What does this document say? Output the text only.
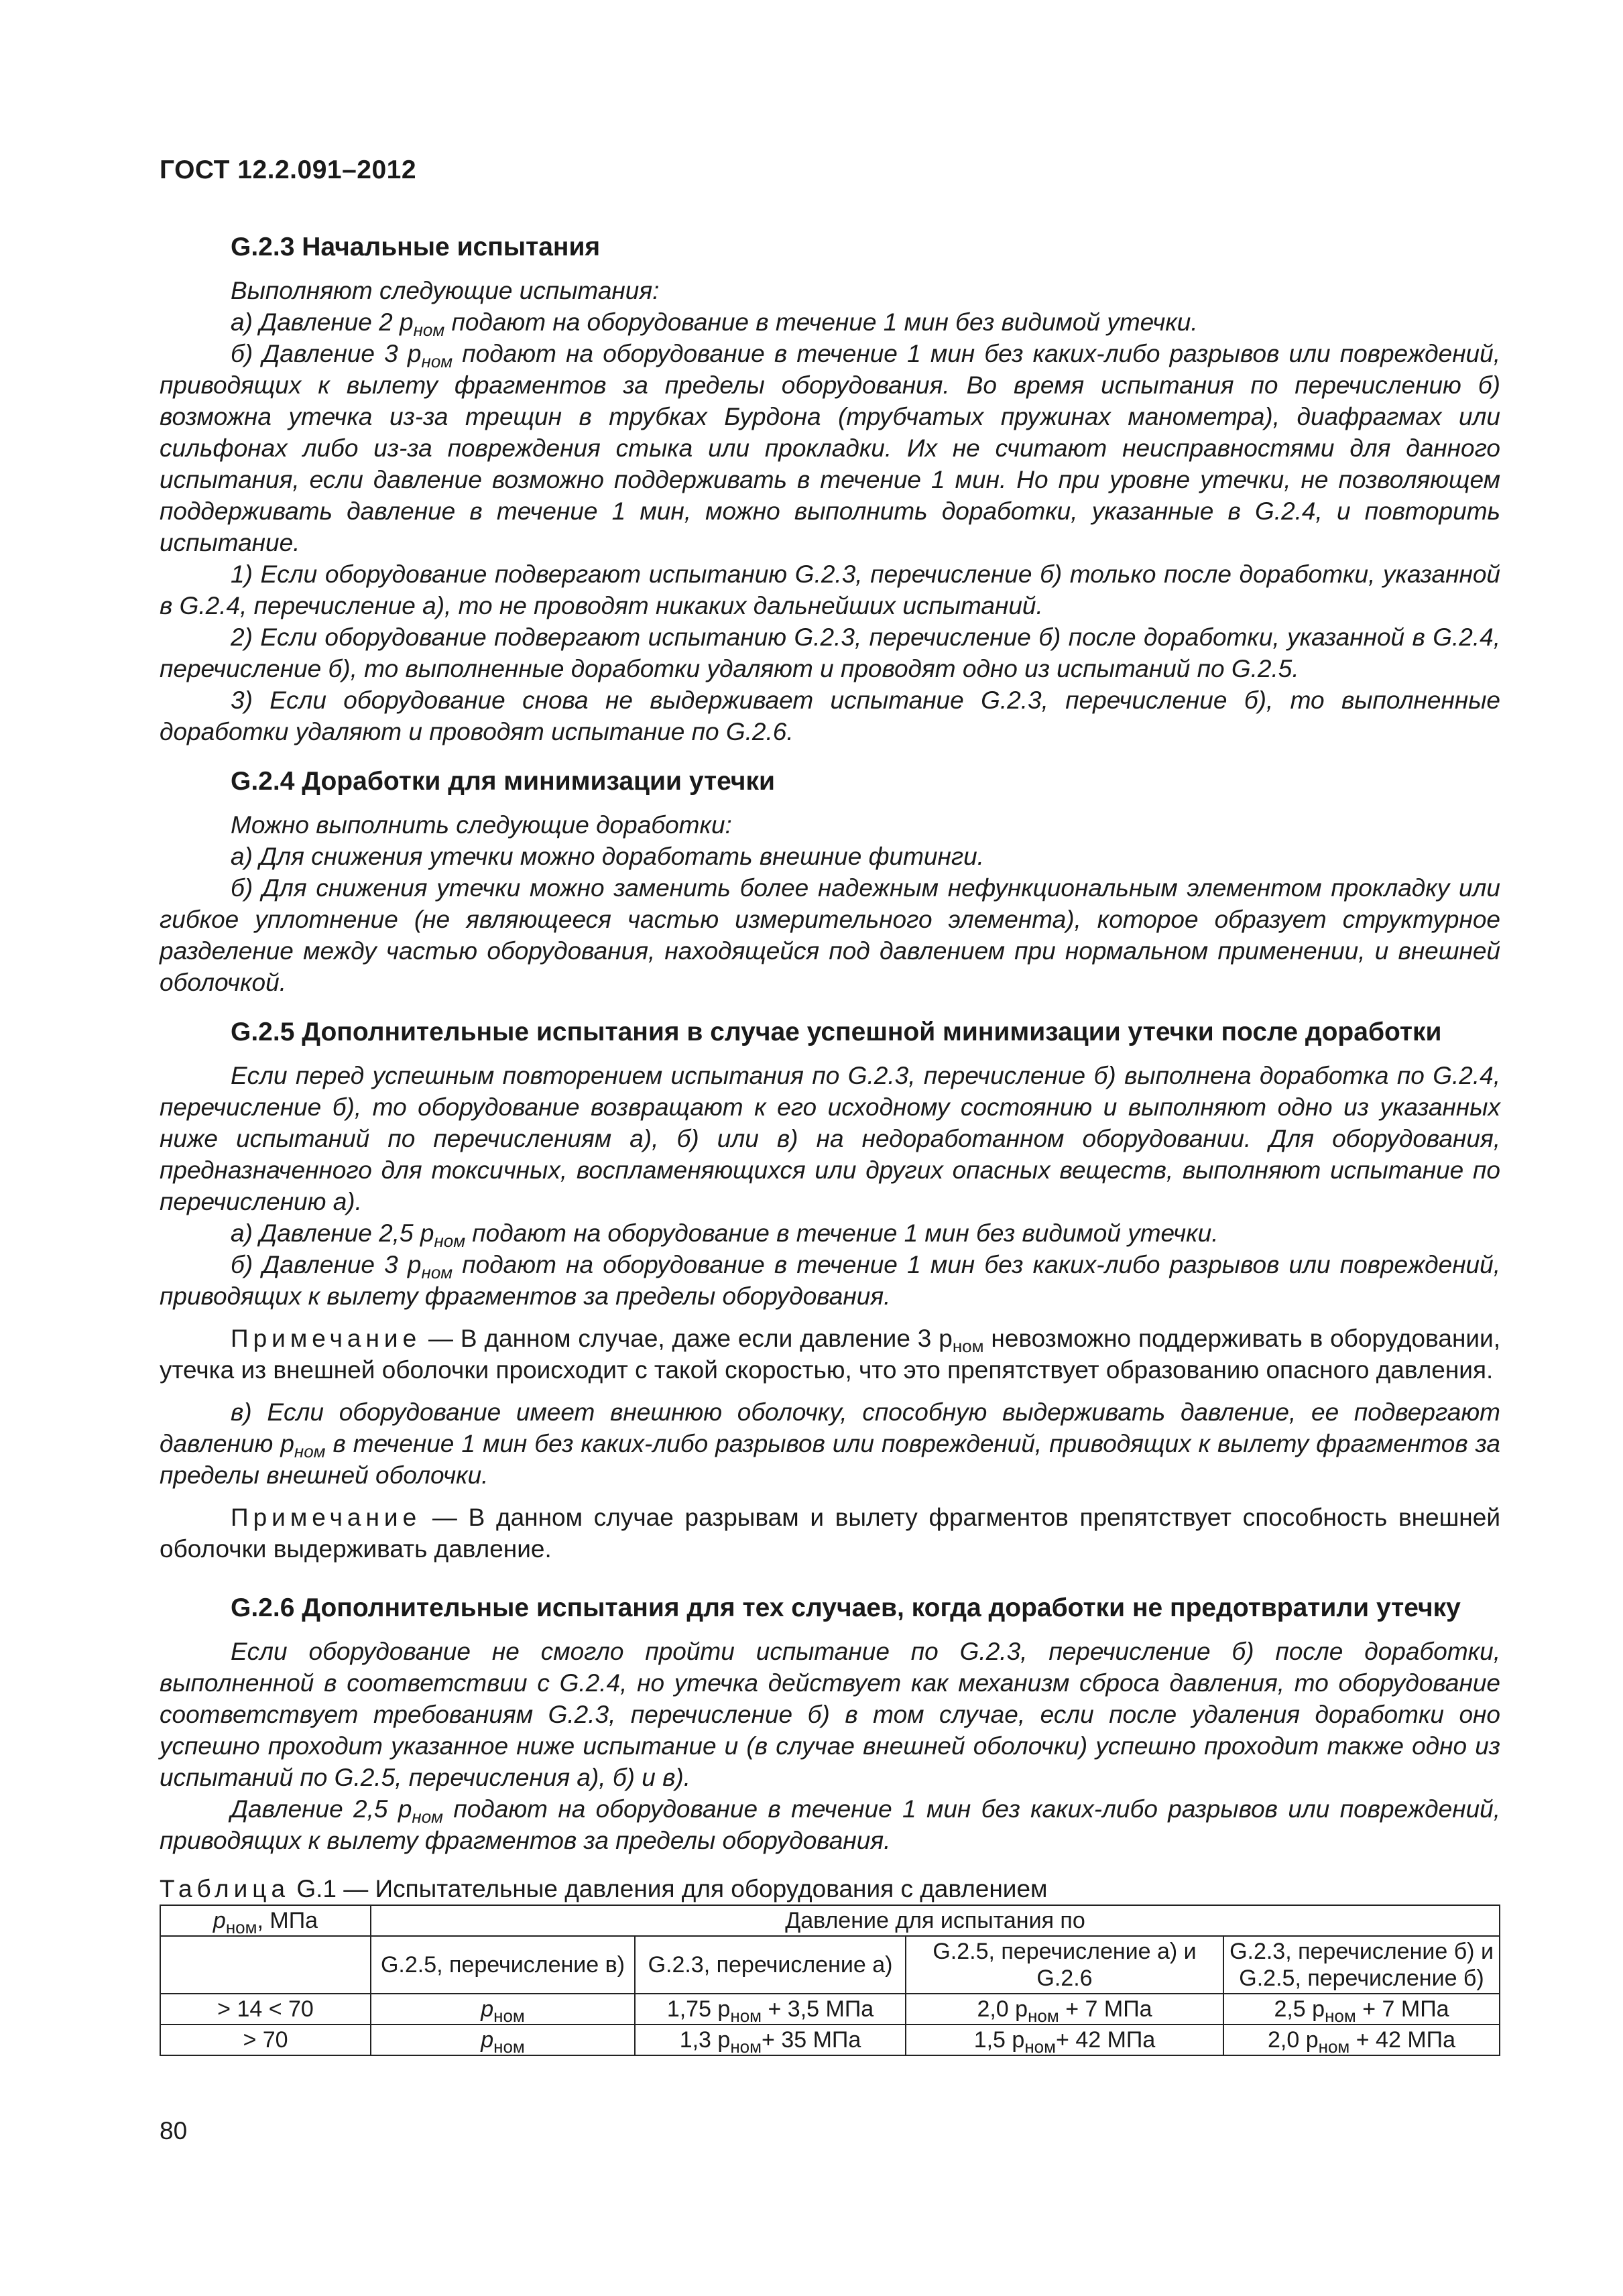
ГОСТ 12.2.091–2012

G.2.3 Начальные испытания

Выполняют следующие испытания:

а) Давление 2 $p_{ном}$ подают на оборудование в течение 1 мин без видимой утечки.

б) Давление 3 $p_{ном}$ подают на оборудование в течение 1 мин без каких-либо разрывов или повреждений, приводящих к вылету фрагментов за пределы оборудования. Во время испытания по перечислению б) возможна утечка из-за трещин в трубках Бурдона (трубчатых пружинах манометра), диафрагмах или сильфонах либо из-за повреждения стыка или прокладки. Их не считают неисправностями для данного испытания, если давление возможно поддерживать в течение 1 мин. Но при уровне утечки, не позволяющем поддерживать давление в течение 1 мин, можно выполнить доработки, указанные в G.2.4, и повторить испытание.

1) Если оборудование подвергают испытанию G.2.3, перечисление б) только после доработки, указанной в G.2.4, перечисление а), то не проводят никаких дальнейших испытаний.

2) Если оборудование подвергают испытанию G.2.3, перечисление б) после доработки, указанной в G.2.4, перечисление б), то выполненные доработки удаляют и проводят одно из испытаний по G.2.5.

3) Если оборудование снова не выдерживает испытание G.2.3, перечисление б), то выполненные доработки удаляют и проводят испытание по G.2.6.

G.2.4 Доработки для минимизации утечки

Можно выполнить следующие доработки:

а) Для снижения утечки можно доработать внешние фитинги.

б) Для снижения утечки можно заменить более надежным нефункциональным элементом прокладку или гибкое уплотнение (не являющееся частью измерительного элемента), которое образует структурное разделение между частью оборудования, находящейся под давлением при нормальном применении, и внешней оболочкой.

G.2.5 Дополнительные испытания в случае успешной минимизации утечки после доработки

Если перед успешным повторением испытания по G.2.3, перечисление б) выполнена доработка по G.2.4, перечисление б), то оборудование возвращают к его исходному состоянию и выполняют одно из указанных ниже испытаний по перечислениям а), б) или в) на недоработанном оборудовании. Для оборудования, предназначенного для токсичных, воспламеняющихся или других опасных веществ, выполняют испытание по перечислению а).

а) Давление 2,5 $p_{ном}$ подают на оборудование в течение 1 мин без видимой утечки.

б) Давление 3 $p_{ном}$ подают на оборудование в течение 1 мин без каких-либо разрывов или повреждений, приводящих к вылету фрагментов за пределы оборудования.

Примечание — В данном случае, даже если давление 3 $p_{ном}$ невозможно поддерживать в оборудовании, утечка из внешней оболочки происходит с такой скоростью, что это препятствует образованию опасного давления.

в) Если оборудование имеет внешнюю оболочку, способную выдерживать давление, ее подвергают давлению $p_{ном}$ в течение 1 мин без каких-либо разрывов или повреждений, приводящих к вылету фрагментов за пределы внешней оболочки.

Примечание — В данном случае разрывам и вылету фрагментов препятствует способность внешней оболочки выдерживать давление.

G.2.6 Дополнительные испытания для тех случаев, когда доработки не предотвратили утечку

Если оборудование не смогло пройти испытание по G.2.3, перечисление б) после доработки, выполненной в соответствии с G.2.4, но утечка действует как механизм сброса давления, то оборудование соответствует требованиям G.2.3, перечисление б) в том случае, если после удаления доработки оно успешно проходит указанное ниже испытание и (в случае внешней оболочки) успешно проходит также одно из испытаний по G.2.5, перечисления а), б) и в).

Давление 2,5 $p_{ном}$ подают на оборудование в течение 1 мин без каких-либо разрывов или повреждений, приводящих к вылету фрагментов за пределы оборудования.

Таблица G.1 — Испытательные давления для оборудования с давлением

$p_{ном}$, МПа	Давление для испытания по			
	G.2.5, перечисление в)	G.2.3, перечисление а)	G.2.5, перечисление а) и G.2.6	G.2.3, перечисление б) и G.2.5, перечисление б)
> 14 < 70	$p_{ном}$	1,75 $p_{ном} + 3,5$ МПа	2,0 $p_{ном} + 7$ МПа	2,5 $p_{ном} + 7$ МПа
> 70	$p_{ном}$	1,3 $p_{ном}+ 35$ МПа	1,5 $p_{ном}+ 42$ МПа	2,0 $p_{ном} + 42$ МПа
80
